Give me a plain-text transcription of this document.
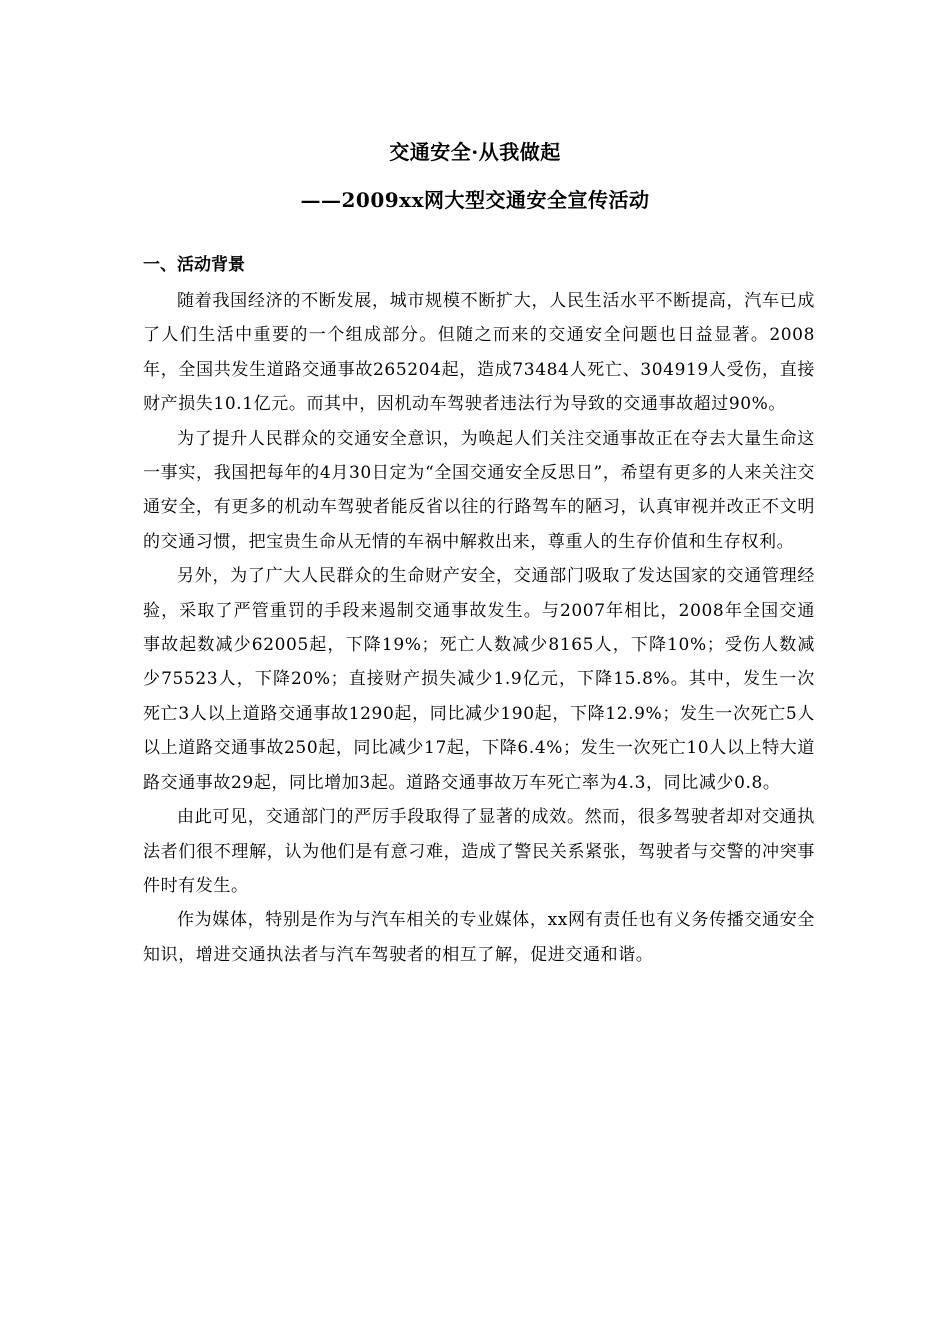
交通安全·从我做起
——2009xx网大型交通安全宣传活动
一、活动背景

随着我国经济的不断发展，城市规模不断扩大，人民生活水平不断提高，汽车已成了人们生活中重要的一个组成部分。但随之而来的交通安全问题也日益显著。2008年，全国共发生道路交通事故265204起，造成73484人死亡、304919人受伤，直接财产损失10.1亿元。而其中，因机动车驾驶者违法行为导致的交通事故超过90%。

为了提升人民群众的交通安全意识，为唤起人们关注交通事故正在夺去大量生命这一事实，我国把每年的4月30日定为“全国交通安全反思日”，希望有更多的人来关注交通安全，有更多的机动车驾驶者能反省以往的行路驾车的陋习，认真审视并改正不文明的交通习惯，把宝贵生命从无情的车祸中解救出来，尊重人的生存价值和生存权利。

另外，为了广大人民群众的生命财产安全，交通部门吸取了发达国家的交通管理经验，采取了严管重罚的手段来遏制交通事故发生。与2007年相比，2008年全国交通事故起数减少62005起，下降19%；死亡人数减少8165人，下降10%；受伤人数减少75523人，下降20%；直接财产损失减少1.9亿元，下降15.8%。其中，发生一次死亡3人以上道路交通事故1290起，同比减少190起，下降12.9%；发生一次死亡5人以上道路交通事故250起，同比减少17起，下降6.4%；发生一次死亡10人以上特大道路交通事故29起，同比增加3起。道路交通事故万车死亡率为4.3，同比减少0.8。

由此可见，交通部门的严厉手段取得了显著的成效。然而，很多驾驶者却对交通执法者们很不理解，认为他们是有意刁难，造成了警民关系紧张，驾驶者与交警的冲突事件时有发生。

作为媒体，特别是作为与汽车相关的专业媒体，xx网有责任也有义务传播交通安全知识，增进交通执法者与汽车驾驶者的相互了解，促进交通和谐。
